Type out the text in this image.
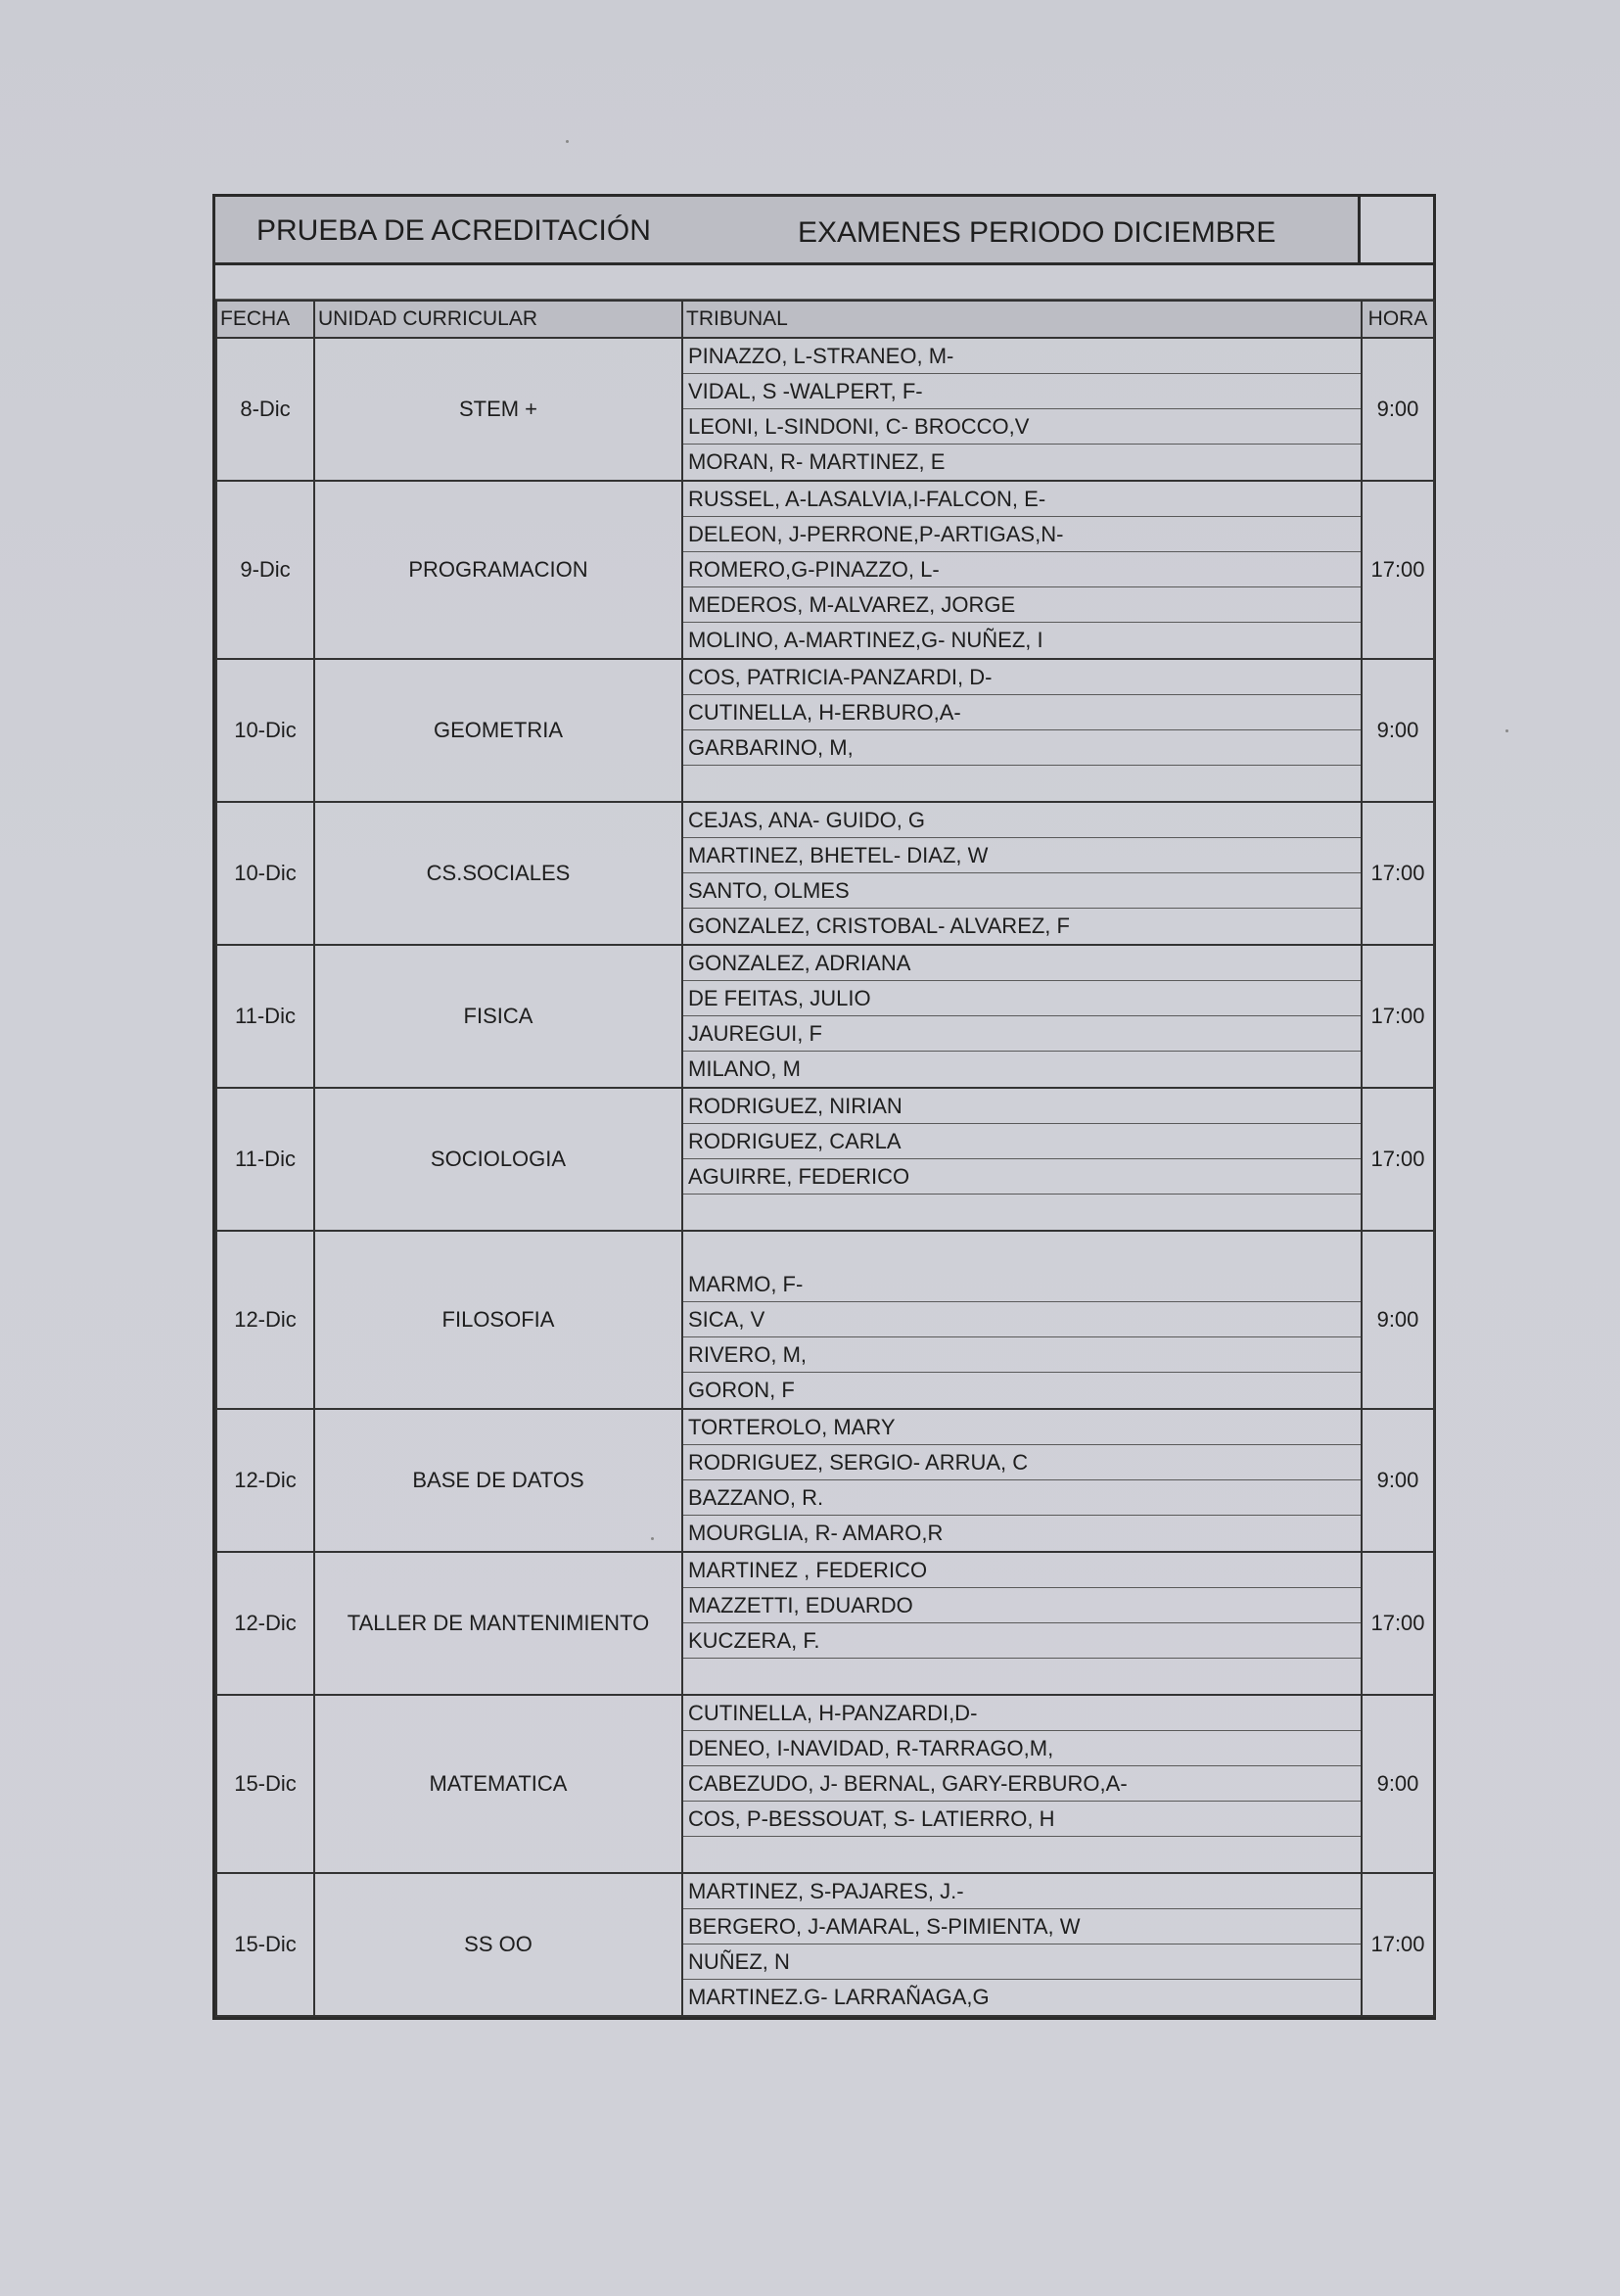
PRUEBA DE ACREDITACIÓN	EXAMENES PERIODO DICIEMBRE
FECHA	UNIDAD CURRICULAR	TRIBUNAL	HORA
8-Dic	STEM +	PINAZZO, L-STRANEO, M-
VIDAL, S -WALPERT, F-
LEONI, L-SINDONI, C- BROCCO,V
MORAN, R- MARTINEZ, E	9:00
9-Dic	PROGRAMACION	RUSSEL, A-LASALVIA,I-FALCON, E-
DELEON, J-PERRONE,P-ARTIGAS,N-
ROMERO,G-PINAZZO, L-
MEDEROS, M-ALVAREZ, JORGE
MOLINO, A-MARTINEZ,G- NUÑEZ, I	17:00
10-Dic	GEOMETRIA	COS, PATRICIA-PANZARDI, D-
CUTINELLA, H-ERBURO,A-
GARBARINO, M,	9:00
10-Dic	CS.SOCIALES	CEJAS, ANA- GUIDO, G
MARTINEZ, BHETEL- DIAZ, W
SANTO, OLMES
GONZALEZ, CRISTOBAL- ALVAREZ, F	17:00
11-Dic	FISICA	GONZALEZ, ADRIANA
DE FEITAS, JULIO
JAUREGUI, F
MILANO, M	17:00
11-Dic	SOCIOLOGIA	RODRIGUEZ, NIRIAN
RODRIGUEZ, CARLA
AGUIRRE, FEDERICO	17:00
12-Dic	FILOSOFIA	MARMO, F-
SICA, V
RIVERO, M,
GORON, F	9:00
12-Dic	BASE DE DATOS	TORTEROLO, MARY
RODRIGUEZ, SERGIO- ARRUA, C
BAZZANO, R.
MOURGLIA, R- AMARO,R	9:00
12-Dic	TALLER DE MANTENIMIENTO	MARTINEZ , FEDERICO
MAZZETTI, EDUARDO
KUCZERA, F.	17:00
15-Dic	MATEMATICA	CUTINELLA, H-PANZARDI,D-
DENEO, I-NAVIDAD, R-TARRAGO,M,
CABEZUDO, J- BERNAL, GARY-ERBURO,A-
COS, P-BESSOUAT, S- LATIERRO, H	9:00
15-Dic	SS OO	MARTINEZ, S-PAJARES, J.-
BERGERO, J-AMARAL, S-PIMIENTA, W
NUÑEZ, N
MARTINEZ.G- LARRAÑAGA,G	17:00
